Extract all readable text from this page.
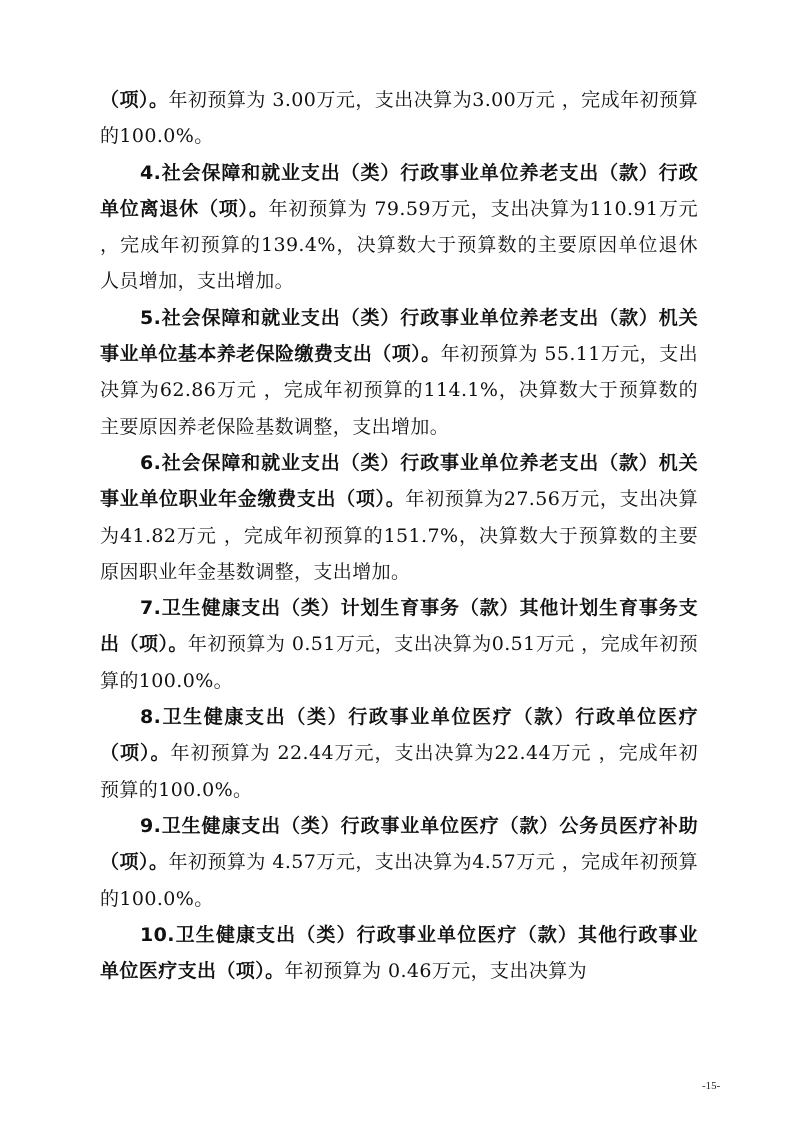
（项）。年初预算为 3.00万元，支出决算为3.00万元 ，完成年初预算的100.0%。

4.社会保障和就业支出（类）行政事业单位养老支出（款）行政单位离退休（项）。年初预算为 79.59万元，支出决算为110.91万元 ，完成年初预算的139.4%，决算数大于预算数的主要原因单位退休人员增加，支出增加。

5.社会保障和就业支出（类）行政事业单位养老支出（款）机关事业单位基本养老保险缴费支出（项）。年初预算为 55.11万元，支出决算为62.86万元 ，完成年初预算的114.1%，决算数大于预算数的主要原因养老保险基数调整，支出增加。

6.社会保障和就业支出（类）行政事业单位养老支出（款）机关事业单位职业年金缴费支出（项）。年初预算为27.56万元，支出决算为41.82万元 ，完成年初预算的151.7%，决算数大于预算数的主要原因职业年金基数调整，支出增加。

7.卫生健康支出（类）计划生育事务（款）其他计划生育事务支出（项）。年初预算为 0.51万元，支出决算为0.51万元 ，完成年初预算的100.0%。

8.卫生健康支出（类）行政事业单位医疗（款）行政单位医疗（项）。年初预算为 22.44万元，支出决算为22.44万元 ，完成年初预算的100.0%。

9.卫生健康支出（类）行政事业单位医疗（款）公务员医疗补助（项）。年初预算为 4.57万元，支出决算为4.57万元 ，完成年初预算的100.0%。

10.卫生健康支出（类）行政事业单位医疗（款）其他行政事业单位医疗支出（项）。年初预算为 0.46万元，支出决算为

-15-
